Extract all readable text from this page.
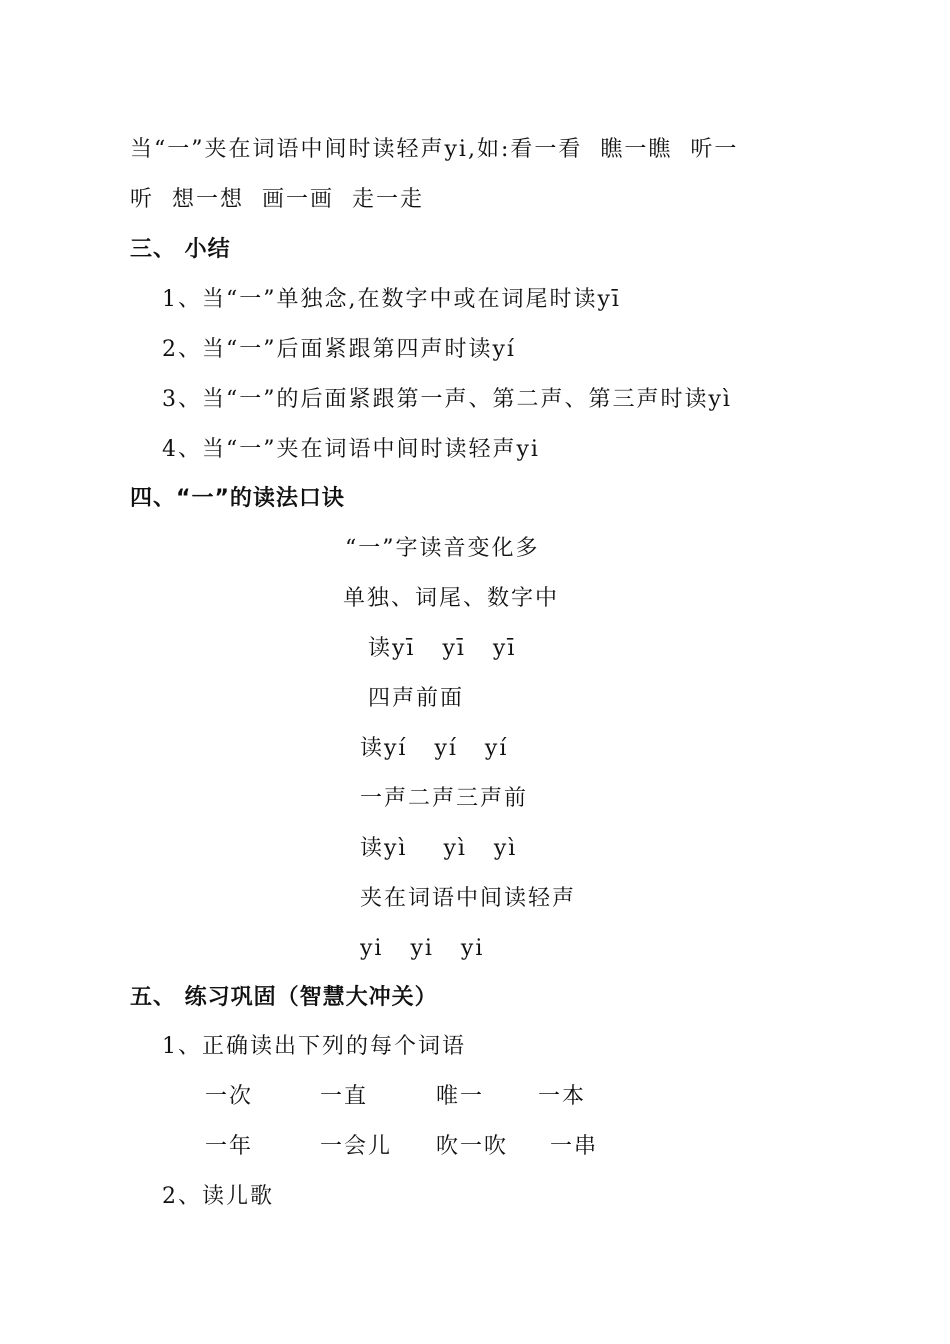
当“一”夹在词语中间时读轻声yi,如:看一看  瞧一瞧  听一
听  想一想  画一画  走一走
三、 小结
1、当“一”单独念,在数字中或在词尾时读yī
2、当“一”后面紧跟第四声时读yí
3、当“一”的后面紧跟第一声、第二声、第三声时读yì
4、当“一”夹在词语中间时读轻声yi
四、“一”的读法口诀
“一”字读音变化多
单独、词尾、数字中
读yī   yī   yī
四声前面
读yí   yí   yí
一声二声三声前
读yì    yì   yì
夹在词语中间读轻声
yi   yi   yi
五、 练习巩固（智慧大冲关）
1、正确读出下列的每个词语
一次	一直	唯一 一本
一年	一会儿 吹一吹 一串
2、读儿歌
